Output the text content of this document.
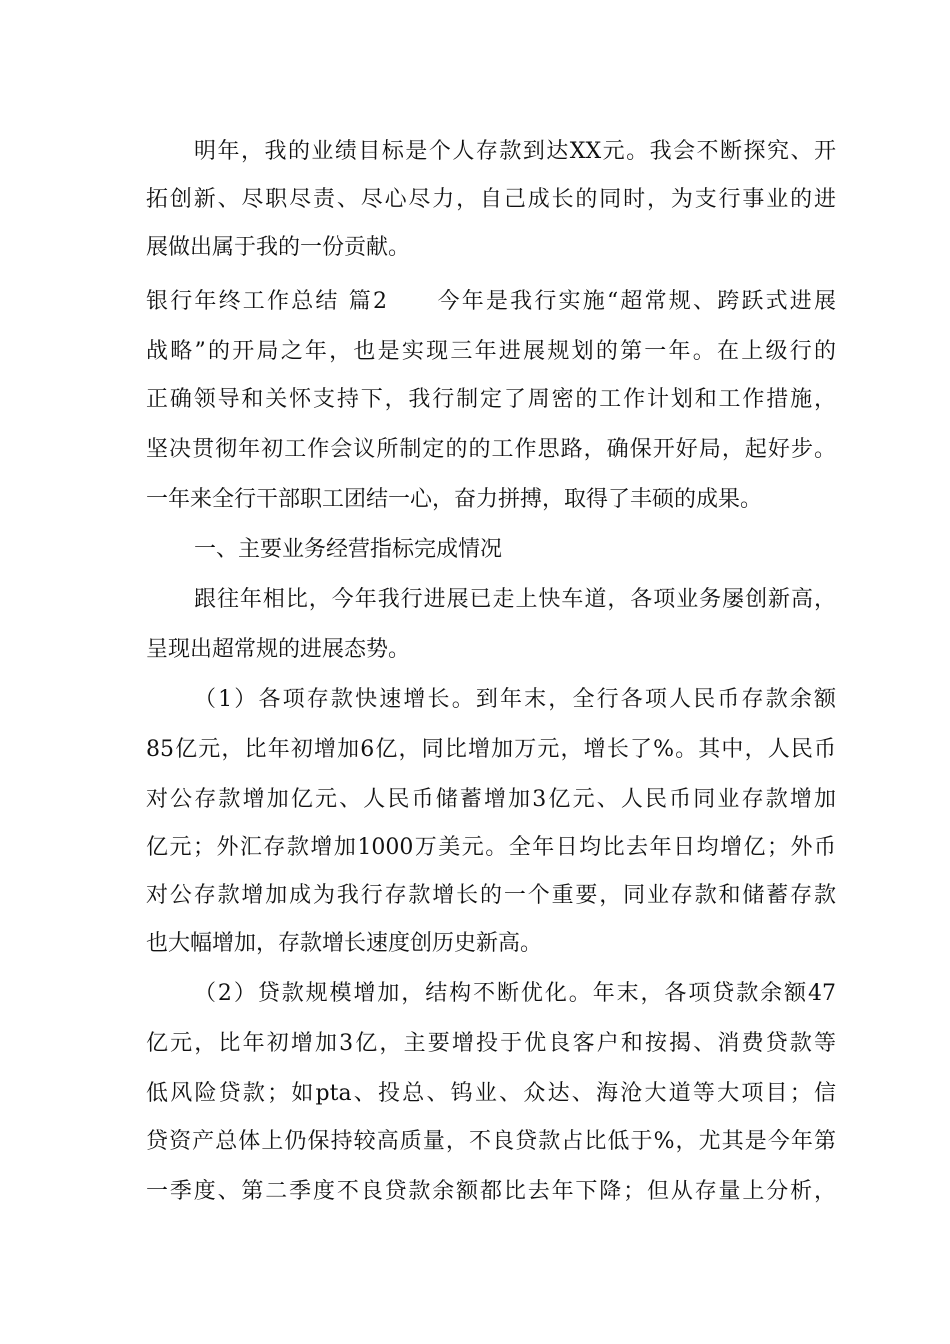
明年，我的业绩目标是个人存款到达XX元。我会不断探究、开
拓创新、尽职尽责、尽心尽力，自己成长的同时，为支行事业的进
展做出属于我的一份贡献。
银行年终工作总结 篇2　　今年是我行实施“超常规、跨跃式进展
战略”的开局之年，也是实现三年进展规划的第一年。在上级行的
正确领导和关怀支持下，我行制定了周密的工作计划和工作措施，
坚决贯彻年初工作会议所制定的的工作思路，确保开好局，起好步。
一年来全行干部职工团结一心，奋力拼搏，取得了丰硕的成果。
一、主要业务经营指标完成情况
跟往年相比，今年我行进展已走上快车道，各项业务屡创新高，
呈现出超常规的进展态势。
（1）各项存款快速增长。到年末，全行各项人民币存款余额
85亿元，比年初增加6亿，同比增加万元，增长了%。其中，人民币
对公存款增加亿元、人民币储蓄增加3亿元、人民币同业存款增加
亿元；外汇存款增加1000万美元。全年日均比去年日均增亿；外币
对公存款增加成为我行存款增长的一个重要，同业存款和储蓄存款
也大幅增加，存款增长速度创历史新高。
（2）贷款规模增加，结构不断优化。年末，各项贷款余额47
亿元，比年初增加3亿，主要增投于优良客户和按揭、消费贷款等
低风险贷款；如pta、投总、钨业、众达、海沧大道等大项目；信
贷资产总体上仍保持较高质量，不良贷款占比低于%，尤其是今年第
一季度、第二季度不良贷款余额都比去年下降；但从存量上分析，
